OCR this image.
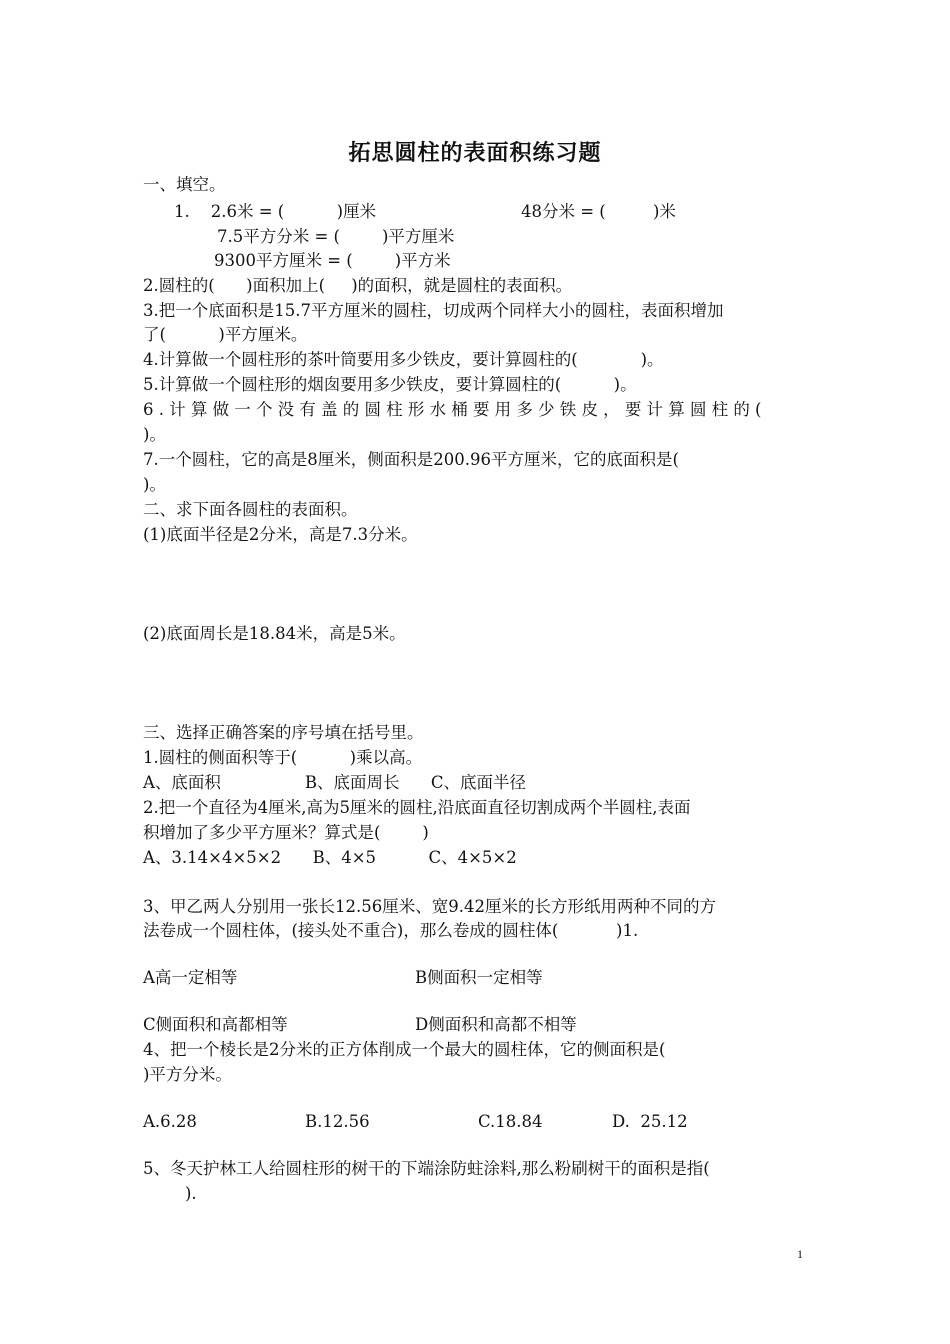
拓思圆柱的表面积练习题
一、填空。
1.    2.6米 = (          )厘米	48分米 = (         )米
7.5平方分米 = (        )平方厘米
9300平方厘米 = (        )平方米
2.圆柱的(      )面积加上(     )的面积，就是圆柱的表面积。
3.把一个底面积是15.7平方厘米的圆柱，切成两个同样大小的圆柱，表面积增加
了(          )平方厘米。
4.计算做一个圆柱形的茶叶筒要用多少铁皮，要计算圆柱的(            )。
5.计算做一个圆柱形的烟囱要用多少铁皮，要计算圆柱的(          )。
6.计算做一个没有盖的圆柱形水桶要用多少铁皮，要计算圆柱的(
)。
7.一个圆柱，它的高是8厘米，侧面积是200.96平方厘米，它的底面积是(
)。
二、求下面各圆柱的表面积。
(1)底面半径是2分米，高是7.3分米。
(2)底面周长是18.84米，高是5米。
三、选择正确答案的序号填在括号里。
1.圆柱的侧面积等于(          )乘以高。
A、底面积                B、底面周长      C、底面半径
2.把一个直径为4厘米,高为5厘米的圆柱,沿底面直径切割成两个半圆柱,表面
积增加了多少平方厘米？算式是(        )
A、3.14×4×5×2      B、4×5          C、4×5×2
3、甲乙两人分别用一张长12.56厘米、宽9.42厘米的长方形纸用两种不同的方
法卷成一个圆柱体，(接头处不重合)，那么卷成的圆柱体(           )1.
A高一定相等	B侧面积一定相等
C侧面积和高都相等	D侧面积和高都不相等
4、把一个棱长是2分米的正方体削成一个最大的圆柱体，它的侧面积是(
)平方分米。
A.6.28	B.12.56	C.18.84	D.  25.12
5、冬天护林工人给圆柱形的树干的下端涂防蛀涂料,那么粉刷树干的面积是指(
).
1
